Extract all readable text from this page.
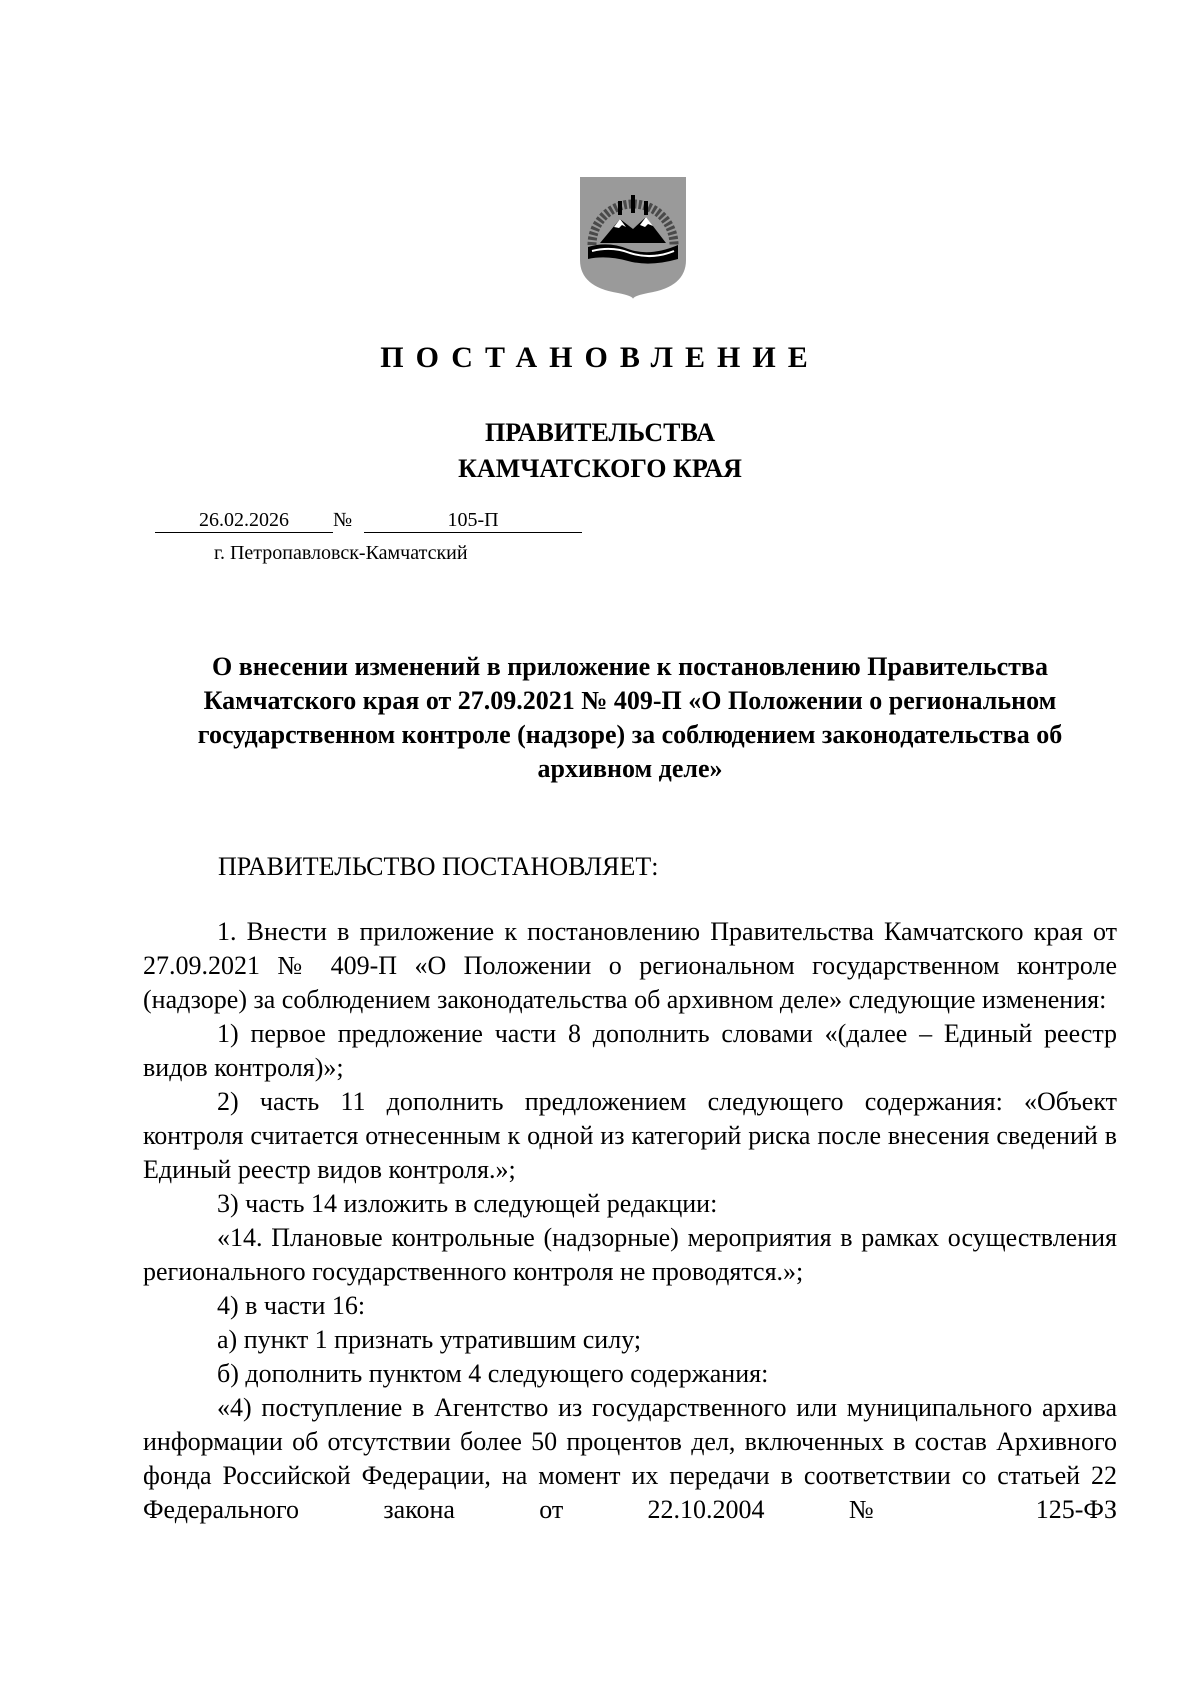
ПОСТАНОВЛЕНИЕ
ПРАВИТЕЛЬСТВА
КАМЧАТСКОГО КРАЯ
26.02.2026	№	105-П
г. Петропавловск-Камчатский
О внесении изменений в приложение к постановлению Правительства Камчатского края от 27.09.2021 № 409-П «О Положении о региональном государственном контроле (надзоре) за соблюдением законодательства об архивном деле»
ПРАВИТЕЛЬСТВО ПОСТАНОВЛЯЕТ:

1. Внести в приложение к постановлению Правительства Камчатского края от 27.09.2021 № 409-П «О Положении о региональном государственном контроле (надзоре) за соблюдением законодательства об архивном деле» следующие изменения:

1) первое предложение части 8 дополнить словами «(далее – Единый реестр видов контроля)»;

2) часть 11 дополнить предложением следующего содержания: «Объект контроля считается отнесенным к одной из категорий риска после внесения сведений в Единый реестр видов контроля.»;

3) часть 14 изложить в следующей редакции:

«14. Плановые контрольные (надзорные) мероприятия в рамках осуществления регионального государственного контроля не проводятся.»;

4) в части 16:

а) пункт 1 признать утратившим силу;

б) дополнить пунктом 4 следующего содержания:

«4) поступление в Агентство из государственного или муниципального архива информации об отсутствии более 50 процентов дел, включенных в состав Архивного фонда Российской Федерации, на момент их передачи в соответствии со статьей 22 Федерального закона от 22.10.2004 № 125-ФЗ
